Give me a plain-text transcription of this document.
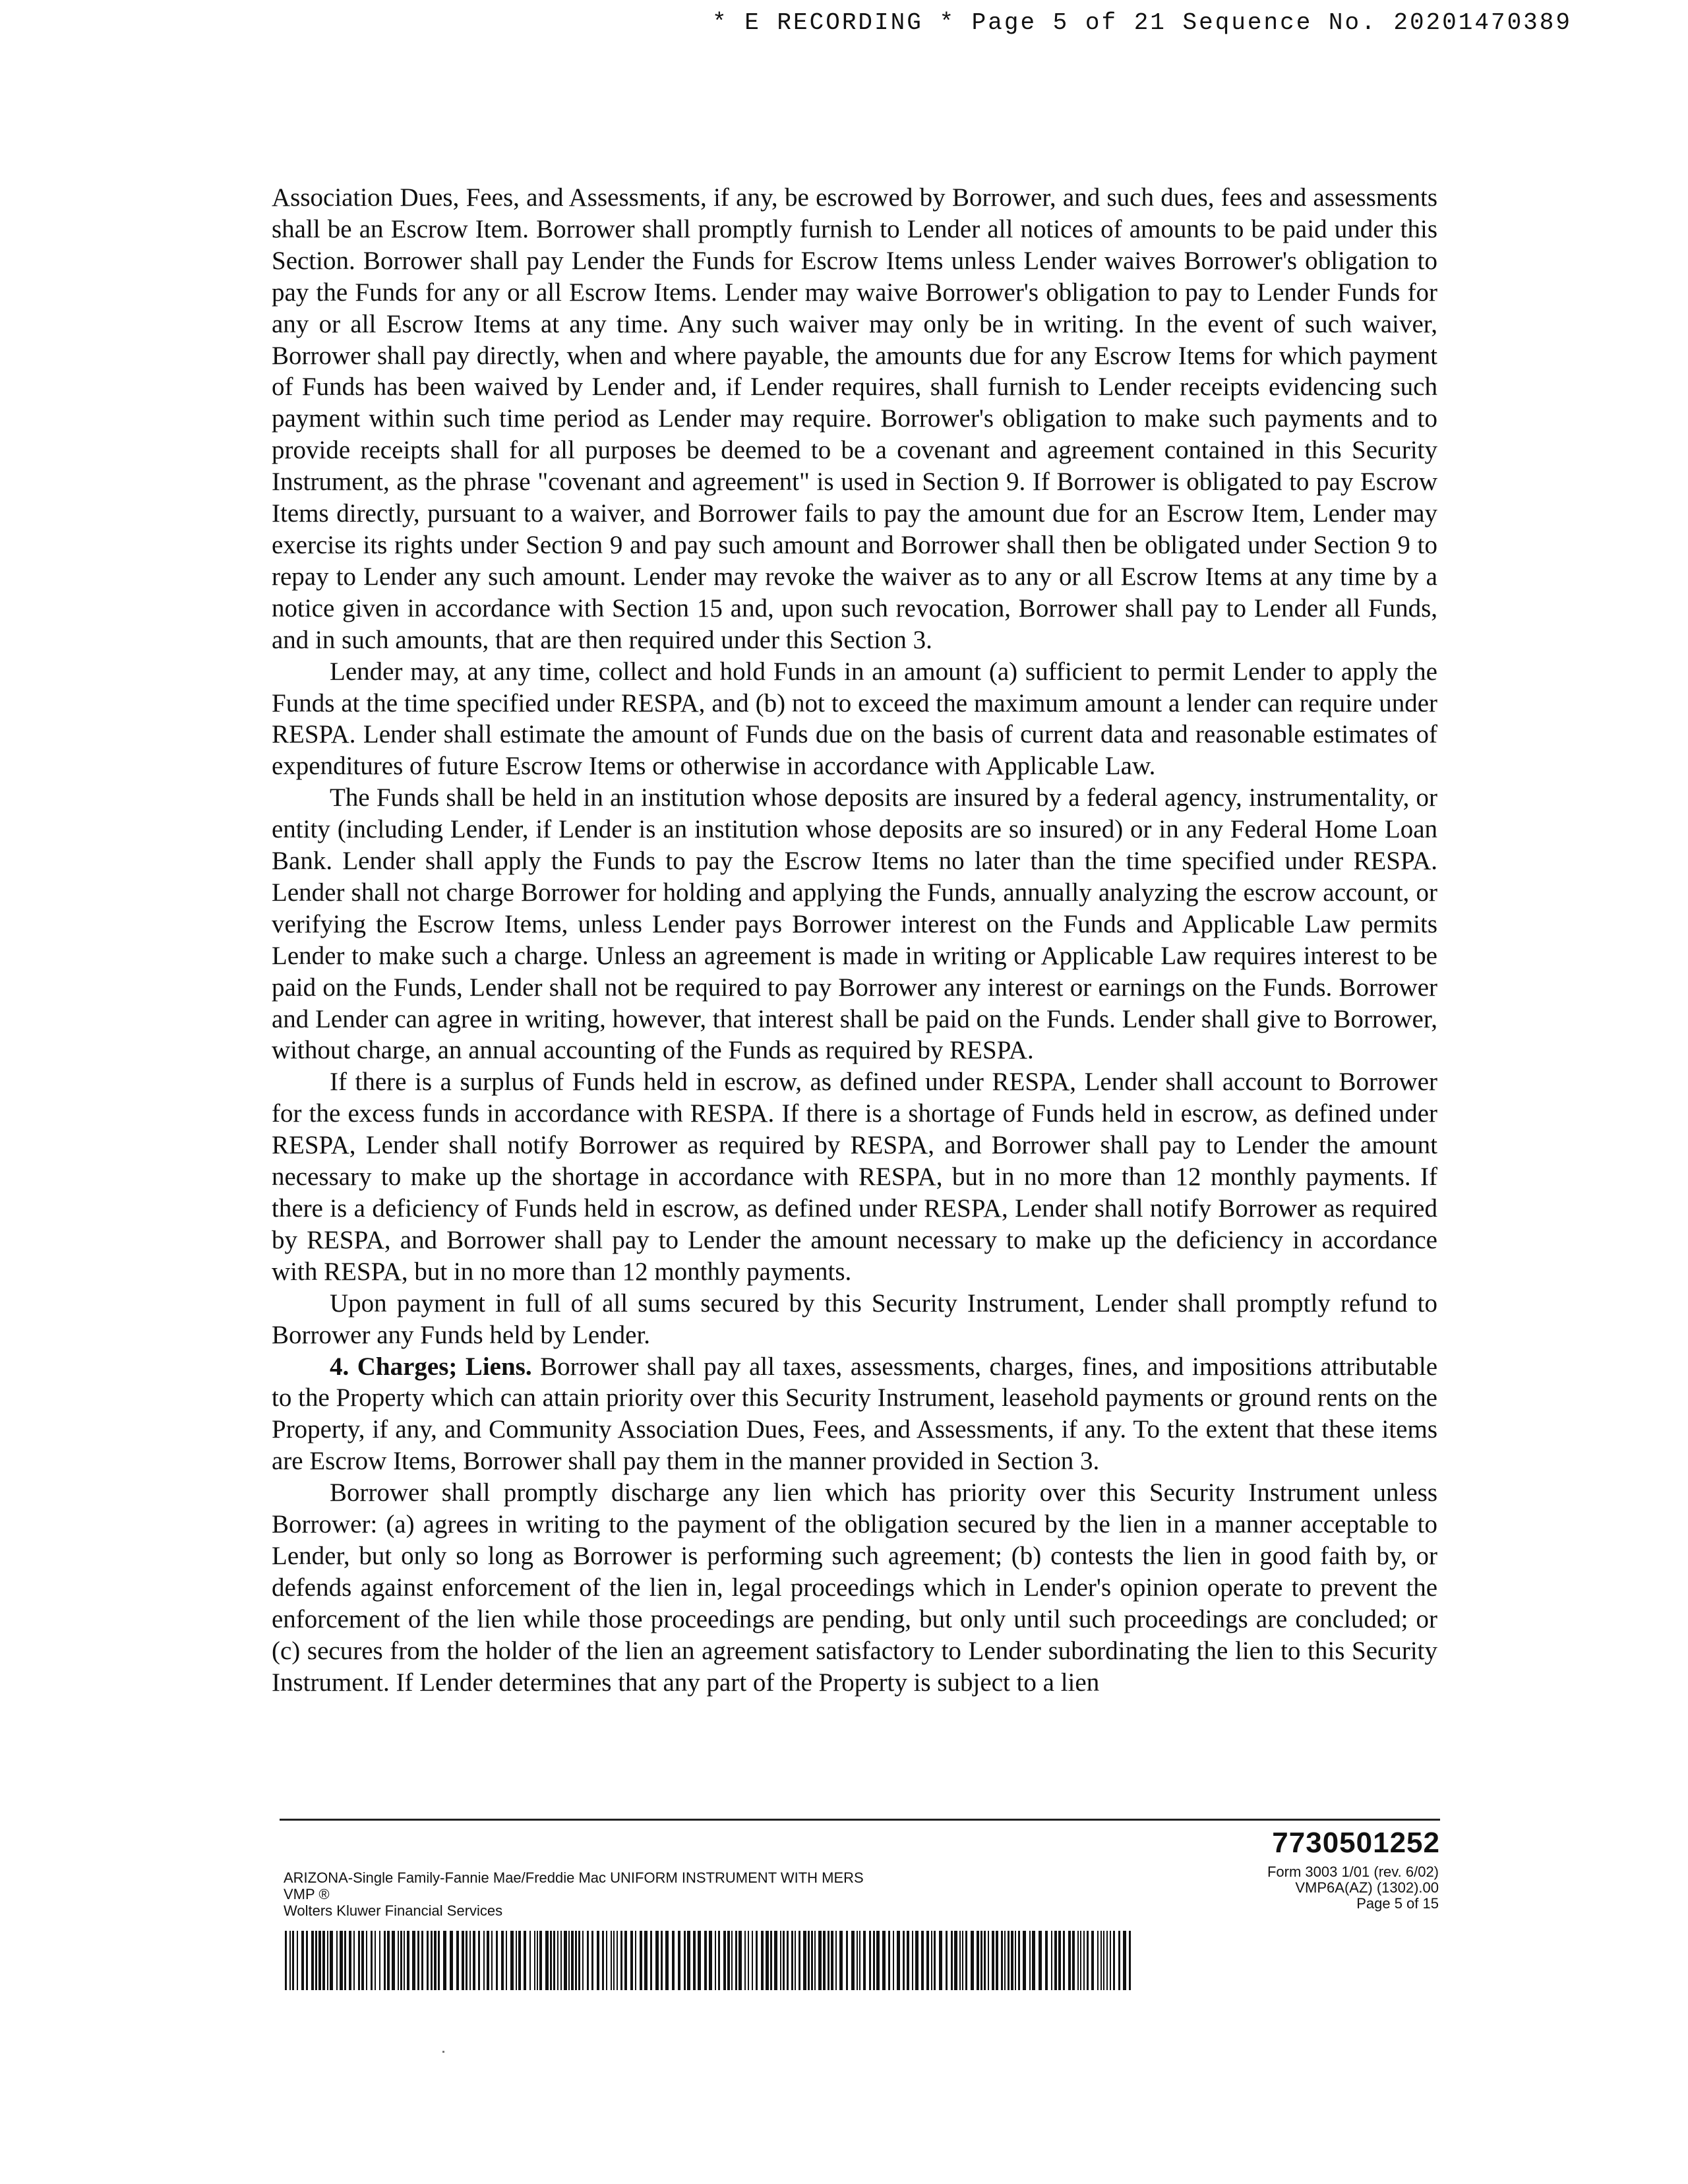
* E RECORDING * Page 5 of 21 Sequence No. 20201470389

Association Dues, Fees, and Assessments, if any, be escrowed by Borrower, and such dues, fees and assessments shall be an Escrow Item. Borrower shall promptly furnish to Lender all notices of amounts to be paid under this Section. Borrower shall pay Lender the Funds for Escrow Items unless Lender waives Borrower's obligation to pay the Funds for any or all Escrow Items. Lender may waive Borrower's obligation to pay to Lender Funds for any or all Escrow Items at any time. Any such waiver may only be in writing. In the event of such waiver, Borrower shall pay directly, when and where payable, the amounts due for any Escrow Items for which payment of Funds has been waived by Lender and, if Lender requires, shall furnish to Lender receipts evidencing such payment within such time period as Lender may require. Borrower's obligation to make such payments and to provide receipts shall for all purposes be deemed to be a covenant and agreement contained in this Security Instrument, as the phrase "covenant and agreement" is used in Section 9. If Borrower is obligated to pay Escrow Items directly, pursuant to a waiver, and Borrower fails to pay the amount due for an Escrow Item, Lender may exercise its rights under Section 9 and pay such amount and Borrower shall then be obligated under Section 9 to repay to Lender any such amount. Lender may revoke the waiver as to any or all Escrow Items at any time by a notice given in accordance with Section 15 and, upon such revocation, Borrower shall pay to Lender all Funds, and in such amounts, that are then required under this Section 3.

Lender may, at any time, collect and hold Funds in an amount (a) sufficient to permit Lender to apply the Funds at the time specified under RESPA, and (b) not to exceed the maximum amount a lender can require under RESPA. Lender shall estimate the amount of Funds due on the basis of current data and reasonable estimates of expenditures of future Escrow Items or otherwise in accordance with Applicable Law.

The Funds shall be held in an institution whose deposits are insured by a federal agency, instrumentality, or entity (including Lender, if Lender is an institution whose deposits are so insured) or in any Federal Home Loan Bank. Lender shall apply the Funds to pay the Escrow Items no later than the time specified under RESPA. Lender shall not charge Borrower for holding and applying the Funds, annually analyzing the escrow account, or verifying the Escrow Items, unless Lender pays Borrower interest on the Funds and Applicable Law permits Lender to make such a charge. Unless an agreement is made in writing or Applicable Law requires interest to be paid on the Funds, Lender shall not be required to pay Borrower any interest or earnings on the Funds. Borrower and Lender can agree in writing, however, that interest shall be paid on the Funds. Lender shall give to Borrower, without charge, an annual accounting of the Funds as required by RESPA.

If there is a surplus of Funds held in escrow, as defined under RESPA, Lender shall account to Borrower for the excess funds in accordance with RESPA. If there is a shortage of Funds held in escrow, as defined under RESPA, Lender shall notify Borrower as required by RESPA, and Borrower shall pay to Lender the amount necessary to make up the shortage in accordance with RESPA, but in no more than 12 monthly payments. If there is a deficiency of Funds held in escrow, as defined under RESPA, Lender shall notify Borrower as required by RESPA, and Borrower shall pay to Lender the amount necessary to make up the deficiency in accordance with RESPA, but in no more than 12 monthly payments.

Upon payment in full of all sums secured by this Security Instrument, Lender shall promptly refund to Borrower any Funds held by Lender.

4. Charges; Liens. Borrower shall pay all taxes, assessments, charges, fines, and impositions attributable to the Property which can attain priority over this Security Instrument, leasehold payments or ground rents on the Property, if any, and Community Association Dues, Fees, and Assessments, if any. To the extent that these items are Escrow Items, Borrower shall pay them in the manner provided in Section 3.

Borrower shall promptly discharge any lien which has priority over this Security Instrument unless Borrower: (a) agrees in writing to the payment of the obligation secured by the lien in a manner acceptable to Lender, but only so long as Borrower is performing such agreement; (b) contests the lien in good faith by, or defends against enforcement of the lien in, legal proceedings which in Lender's opinion operate to prevent the enforcement of the lien while those proceedings are pending, but only until such proceedings are concluded; or (c) secures from the holder of the lien an agreement satisfactory to Lender subordinating the lien to this Security Instrument. If Lender determines that any part of the Property is subject to a lien

7730501252
ARIZONA-Single Family-Fannie Mae/Freddie Mac UNIFORM INSTRUMENT WITH MERS
VMP ®
Wolters Kluwer Financial Services
Form 3003 1/01 (rev. 6/02)
VMP6A(AZ) (1302).00
Page 5 of 15
